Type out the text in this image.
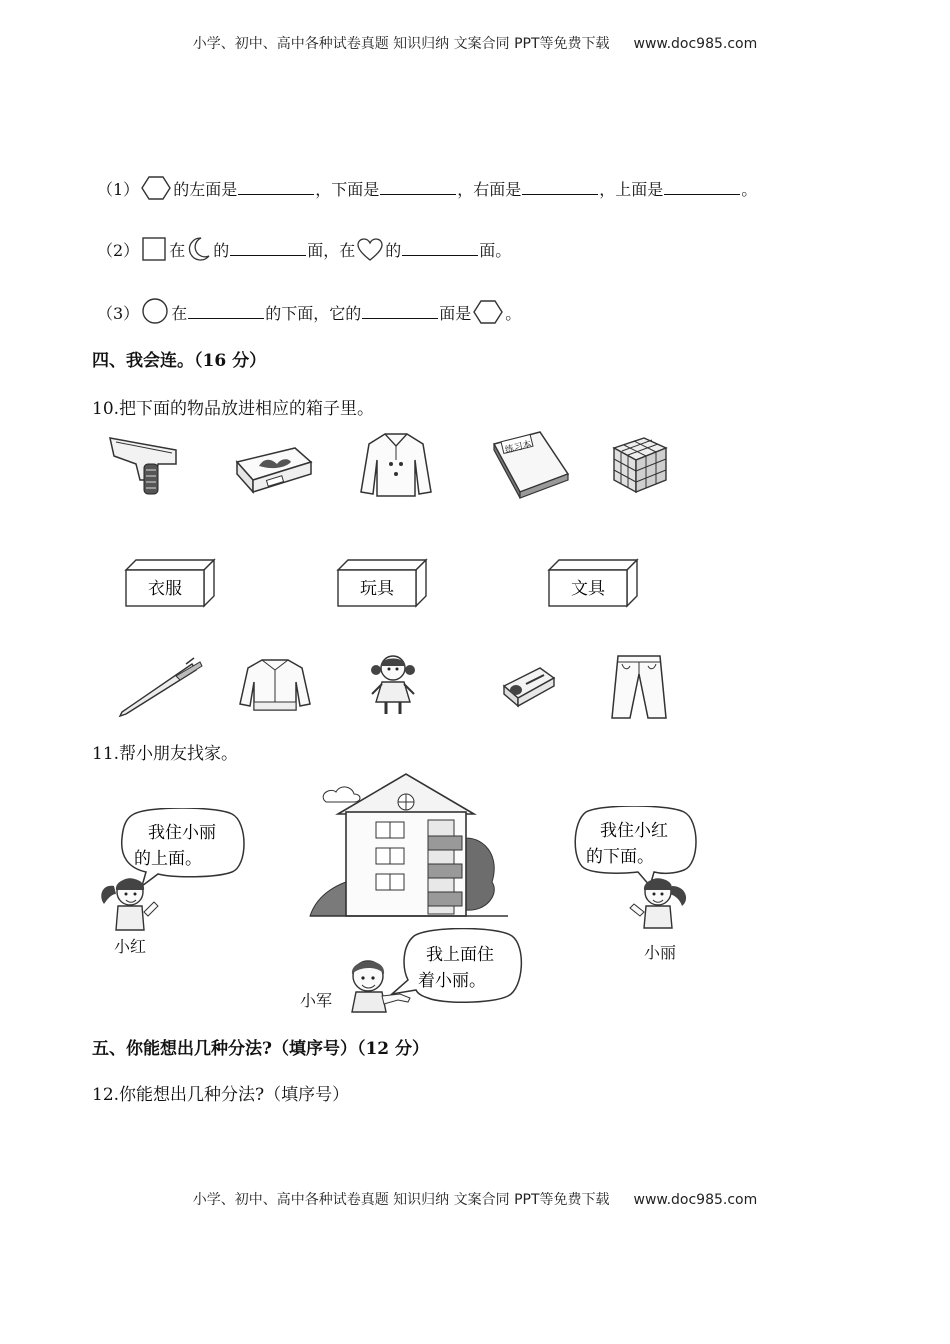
小学、初中、高中各种试卷真题 知识归纳 文案合同 PPT等免费下载 www.doc985.com
小学、初中、高中各种试卷真题 知识归纳 文案合同 PPT等免费下载 www.doc985.com
（1） 的左面是	，下面是	，右面是	，上面是	。
（2） 在 的	面，在 的	面。
（3） 在	的下面，它的	面是 。
四、我会连。（16 分）
10.把下面的物品放进相应的箱子里。
练习本
衣服	玩具	文具
11.帮小朋友找家。
我住小丽
的上面。
小红
我住小红
的下面。
小丽
小军
我上面住
着小丽。
五、你能想出几种分法?（填序号）（12 分）
12.你能想出几种分法?（填序号）
